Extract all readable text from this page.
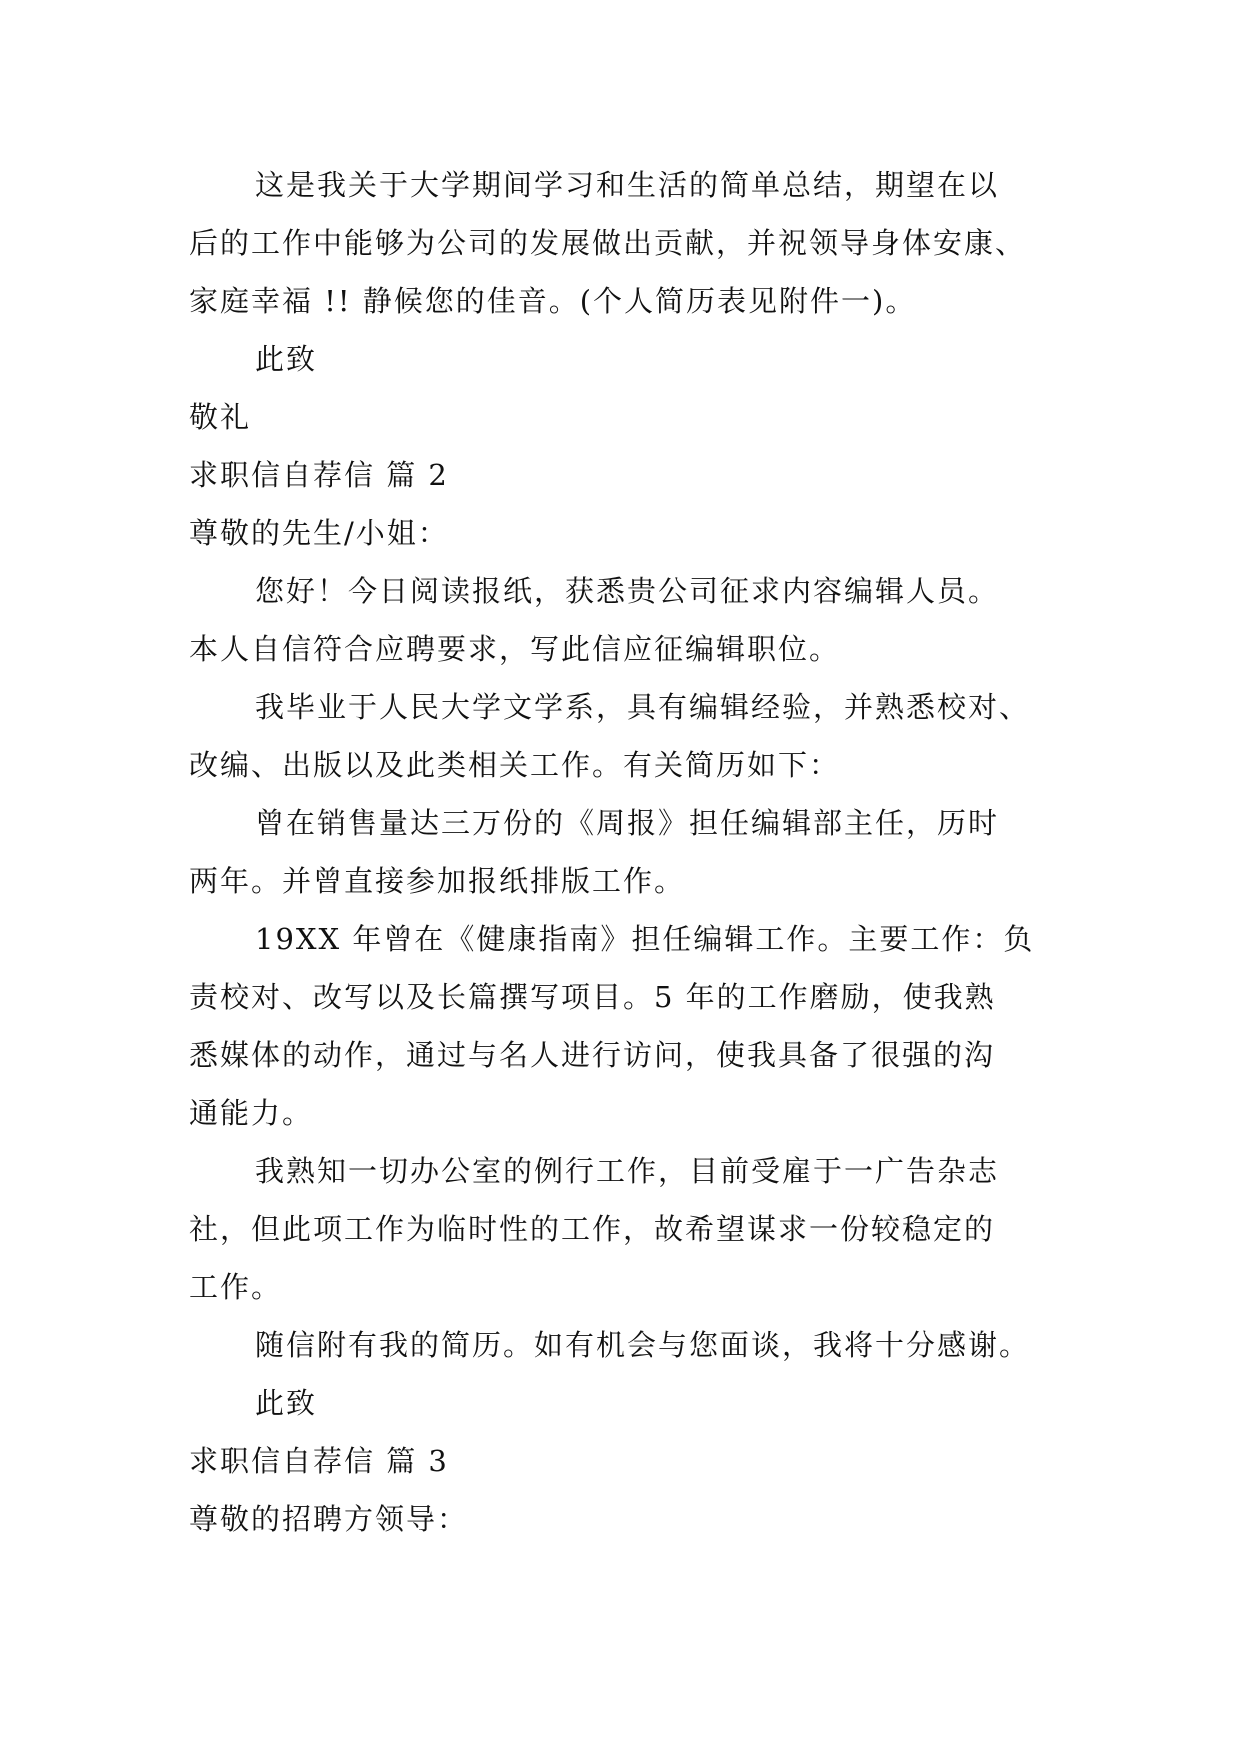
这是我关于大学期间学习和生活的简单总结，期望在以
后的工作中能够为公司的发展做出贡献，并祝领导身体安康、
家庭幸福 !! 静候您的佳音。(个人简历表见附件一)。
此致
敬礼
求职信自荐信 篇 2
尊敬的先生/小姐：
您好！今日阅读报纸，获悉贵公司征求内容编辑人员。
本人自信符合应聘要求，写此信应征编辑职位。
我毕业于人民大学文学系，具有编辑经验，并熟悉校对、
改编、出版以及此类相关工作。有关简历如下：
曾在销售量达三万份的《周报》担任编辑部主任，历时
两年。并曾直接参加报纸排版工作。
19XX 年曾在《健康指南》担任编辑工作。主要工作：负
责校对、改写以及长篇撰写项目。5 年的工作磨励，使我熟
悉媒体的动作，通过与名人进行访问，使我具备了很强的沟
通能力。
我熟知一切办公室的例行工作，目前受雇于一广告杂志
社，但此项工作为临时性的工作，故希望谋求一份较稳定的
工作。
随信附有我的简历。如有机会与您面谈，我将十分感谢。
此致
求职信自荐信 篇 3
尊敬的招聘方领导：
